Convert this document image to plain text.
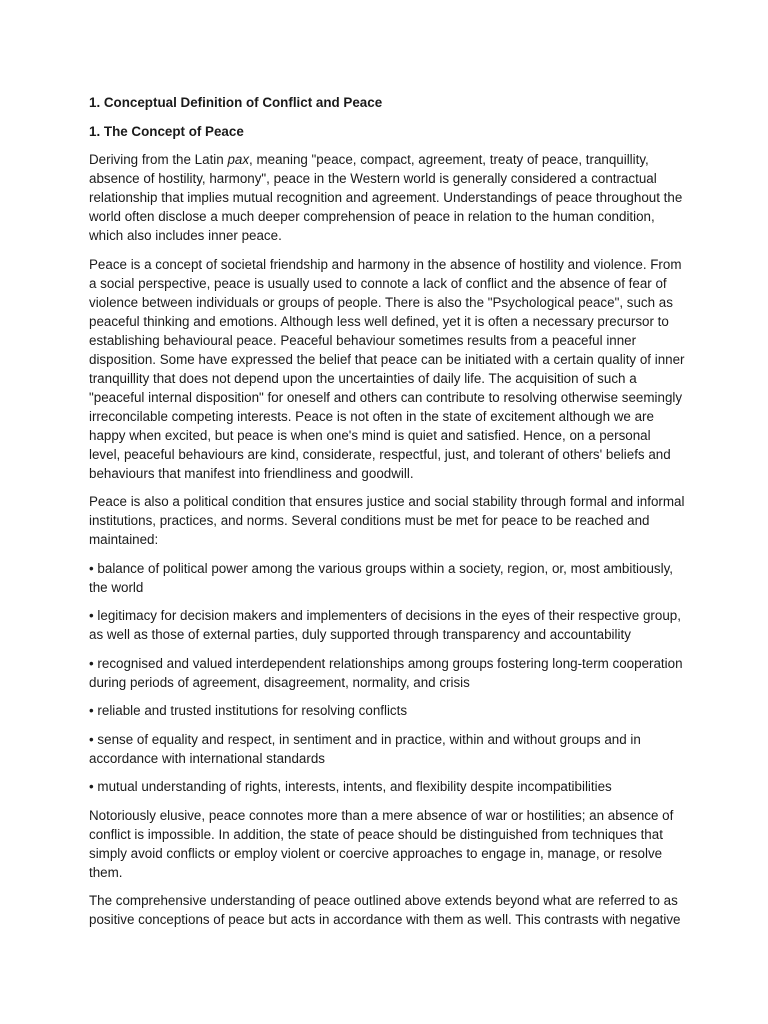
1. Conceptual Definition of Conflict and Peace

1. The Concept of Peace

Deriving from the Latin pax, meaning "peace, compact, agreement, treaty of peace, tranquillity, absence of hostility, harmony", peace in the Western world is generally considered a contractual relationship that implies mutual recognition and agreement. Understandings of peace throughout the world often disclose a much deeper comprehension of peace in relation to the human condition, which also includes inner peace.

Peace is a concept of societal friendship and harmony in the absence of hostility and violence. From a social perspective, peace is usually used to connote a lack of conflict and the absence of fear of violence between individuals or groups of people. There is also the "Psychological peace", such as peaceful thinking and emotions. Although less well defined, yet it is often a necessary precursor to establishing behavioural peace. Peaceful behaviour sometimes results from a peaceful inner disposition. Some have expressed the belief that peace can be initiated with a certain quality of inner tranquillity that does not depend upon the uncertainties of daily life. The acquisition of such a "peaceful internal disposition" for oneself and others can contribute to resolving otherwise seemingly irreconcilable competing interests. Peace is not often in the state of excitement although we are happy when excited, but peace is when one's mind is quiet and satisfied. Hence, on a personal level, peaceful behaviours are kind, considerate, respectful, just, and tolerant of others' beliefs and behaviours that manifest into friendliness and goodwill.

Peace is also a political condition that ensures justice and social stability through formal and informal institutions, practices, and norms. Several conditions must be met for peace to be reached and maintained:

• balance of political power among the various groups within a society, region, or, most ambitiously, the world

• legitimacy for decision makers and implementers of decisions in the eyes of their respective group, as well as those of external parties, duly supported through transparency and accountability

• recognised and valued interdependent relationships among groups fostering long-term cooperation during periods of agreement, disagreement, normality, and crisis

• reliable and trusted institutions for resolving conflicts

• sense of equality and respect, in sentiment and in practice, within and without groups and in accordance with international standards

• mutual understanding of rights, interests, intents, and flexibility despite incompatibilities

Notoriously elusive, peace connotes more than a mere absence of war or hostilities; an absence of conflict is impossible. In addition, the state of peace should be distinguished from techniques that simply avoid conflicts or employ violent or coercive approaches to engage in, manage, or resolve them.

The comprehensive understanding of peace outlined above extends beyond what are referred to as positive conceptions of peace but acts in accordance with them as well. This contrasts with negative
